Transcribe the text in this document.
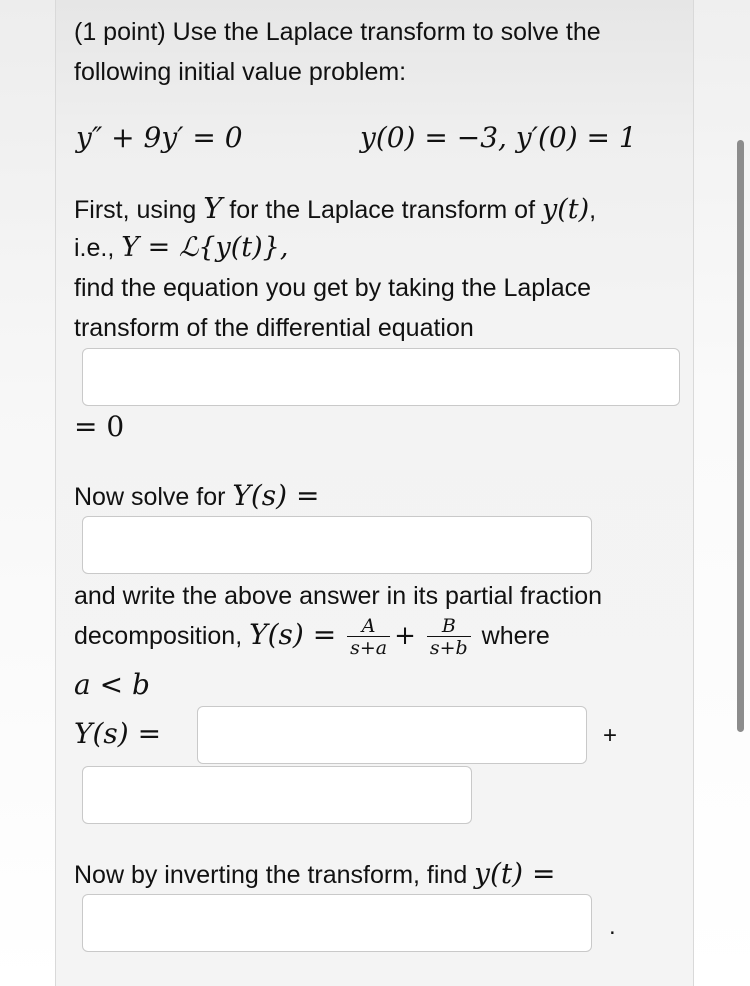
(1 point) Use the Laplace transform to solve the
following initial value problem:
y″ + 9y′ = 0	y(0) = −3, y′(0) = 1
First, using Y for the Laplace transform of y(t),
i.e., Y = ℒ{y(t)},
find the equation you get by taking the Laplace
transform of the differential equation
= 0
Now solve for Y(s) =
and write the above answer in its partial fraction
decomposition, $Y(s) = \frac{A}{s+a} + \frac{B}{s+b}$ where
a < b
Y(s) =	+
Now by inverting the transform, find y(t) =
.
